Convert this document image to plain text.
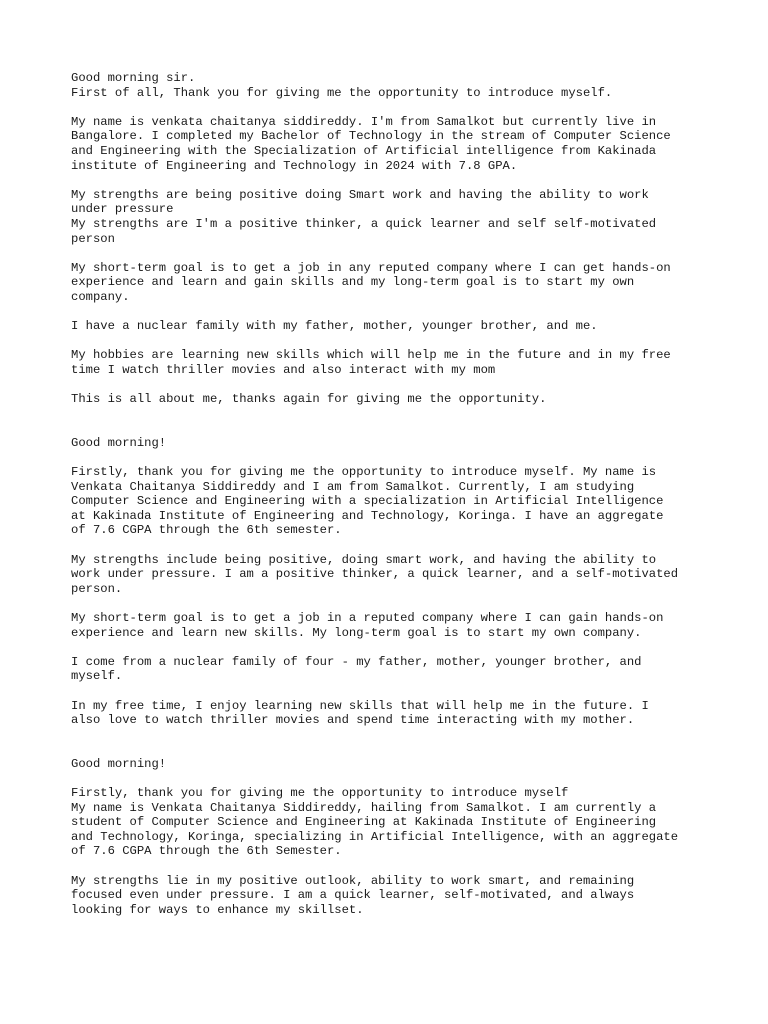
Good morning sir.
First of all, Thank you for giving me the opportunity to introduce myself.

My name is venkata chaitanya siddireddy. I'm from Samalkot but currently live in
Bangalore. I completed my Bachelor of Technology in the stream of Computer Science
and Engineering with the Specialization of Artificial intelligence from Kakinada
institute of Engineering and Technology in 2024 with 7.8 GPA.

My strengths are being positive doing Smart work and having the ability to work
under pressure
My strengths are I'm a positive thinker, a quick learner and self self-motivated
person

My short-term goal is to get a job in any reputed company where I can get hands-on
experience and learn and gain skills and my long-term goal is to start my own
company.

I have a nuclear family with my father, mother, younger brother, and me.

My hobbies are learning new skills which will help me in the future and in my free
time I watch thriller movies and also interact with my mom

This is all about me, thanks again for giving me the opportunity.

Good morning!

Firstly, thank you for giving me the opportunity to introduce myself. My name is
Venkata Chaitanya Siddireddy and I am from Samalkot. Currently, I am studying
Computer Science and Engineering with a specialization in Artificial Intelligence
at Kakinada Institute of Engineering and Technology, Koringa. I have an aggregate
of 7.6 CGPA through the 6th semester.

My strengths include being positive, doing smart work, and having the ability to
work under pressure. I am a positive thinker, a quick learner, and a self-motivated
person.

My short-term goal is to get a job in a reputed company where I can gain hands-on
experience and learn new skills. My long-term goal is to start my own company.

I come from a nuclear family of four - my father, mother, younger brother, and
myself.

In my free time, I enjoy learning new skills that will help me in the future. I
also love to watch thriller movies and spend time interacting with my mother.

Good morning!

Firstly, thank you for giving me the opportunity to introduce myself
My name is Venkata Chaitanya Siddireddy, hailing from Samalkot. I am currently a
student of Computer Science and Engineering at Kakinada Institute of Engineering
and Technology, Koringa, specializing in Artificial Intelligence, with an aggregate
of 7.6 CGPA through the 6th Semester.

My strengths lie in my positive outlook, ability to work smart, and remaining
focused even under pressure. I am a quick learner, self-motivated, and always
looking for ways to enhance my skillset.
